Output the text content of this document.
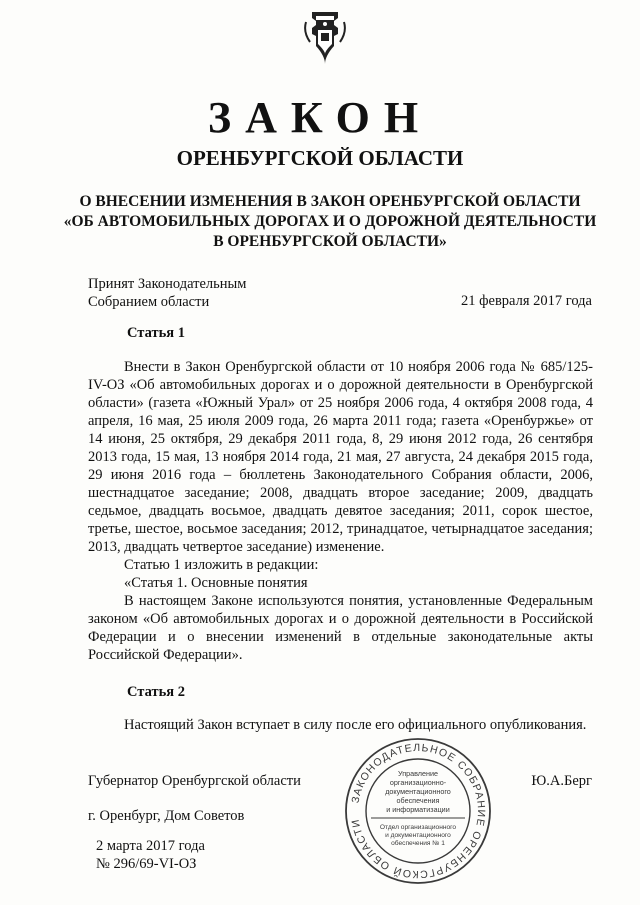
ЗАКОН
ОРЕНБУРГСКОЙ ОБЛАСТИ
О ВНЕСЕНИИ ИЗМЕНЕНИЯ В ЗАКОН ОРЕНБУРГСКОЙ ОБЛАСТИ
«ОБ АВТОМОБИЛЬНЫХ ДОРОГАХ И О ДОРОЖНОЙ ДЕЯТЕЛЬНОСТИ
В ОРЕНБУРГСКОЙ ОБЛАСТИ»
Принят Законодательным
Собранием области	21 февраля 2017 года
Статья 1

Внести в Закон Оренбургской области от 10 ноября 2006 года № 685/125-IV-ОЗ «Об автомобильных дорогах и о дорожной деятельности в Оренбургской области» (газета «Южный Урал» от 25 ноября 2006 года, 4 октября 2008 года, 4 апреля, 16 мая, 25 июля 2009 года, 26 марта 2011 года; газета «Оренбуржье» от 14 июня, 25 октября, 29 декабря 2011 года, 8, 29 июня 2012 года, 26 сентября 2013 года, 15 мая, 13 ноября 2014 года, 21 мая, 27 августа, 24 декабря 2015 года, 29 июня 2016 года – бюллетень Законодательного Собрания области, 2006, шестнадцатое заседание; 2008, двадцать второе заседание; 2009, двадцать седьмое, двадцать восьмое, двадцать девятое заседания; 2011, сорок шестое, третье, шестое, восьмое заседания; 2012, тринадцатое, четырнадцатое заседания; 2013, двадцать четвертое заседание) изменение.

Статью 1 изложить в редакции:

«Статья 1. Основные понятия

В настоящем Законе используются понятия, установленные Федеральным законом «Об автомобильных дорогах и о дорожной деятельности в Российской Федерации и о внесении изменений в отдельные законодательные акты Российской Федерации».

Статья 2

Настоящий Закон вступает в силу после его официального опубликования.

Губернатор Оренбургской области	Ю.А.Берг
г. Оренбург, Дом Советов
2 марта 2017 года
№ 296/69-VI-ОЗ
ЗАКОНОДАТЕЛЬНОЕ СОБРАНИЕ ОРЕНБУРГСКОЙ ОБЛАСТИ
Управление
организационно-
документационного
обеспечения
и информатизации
Отдел организационного
и документационного
обеспечения № 1
